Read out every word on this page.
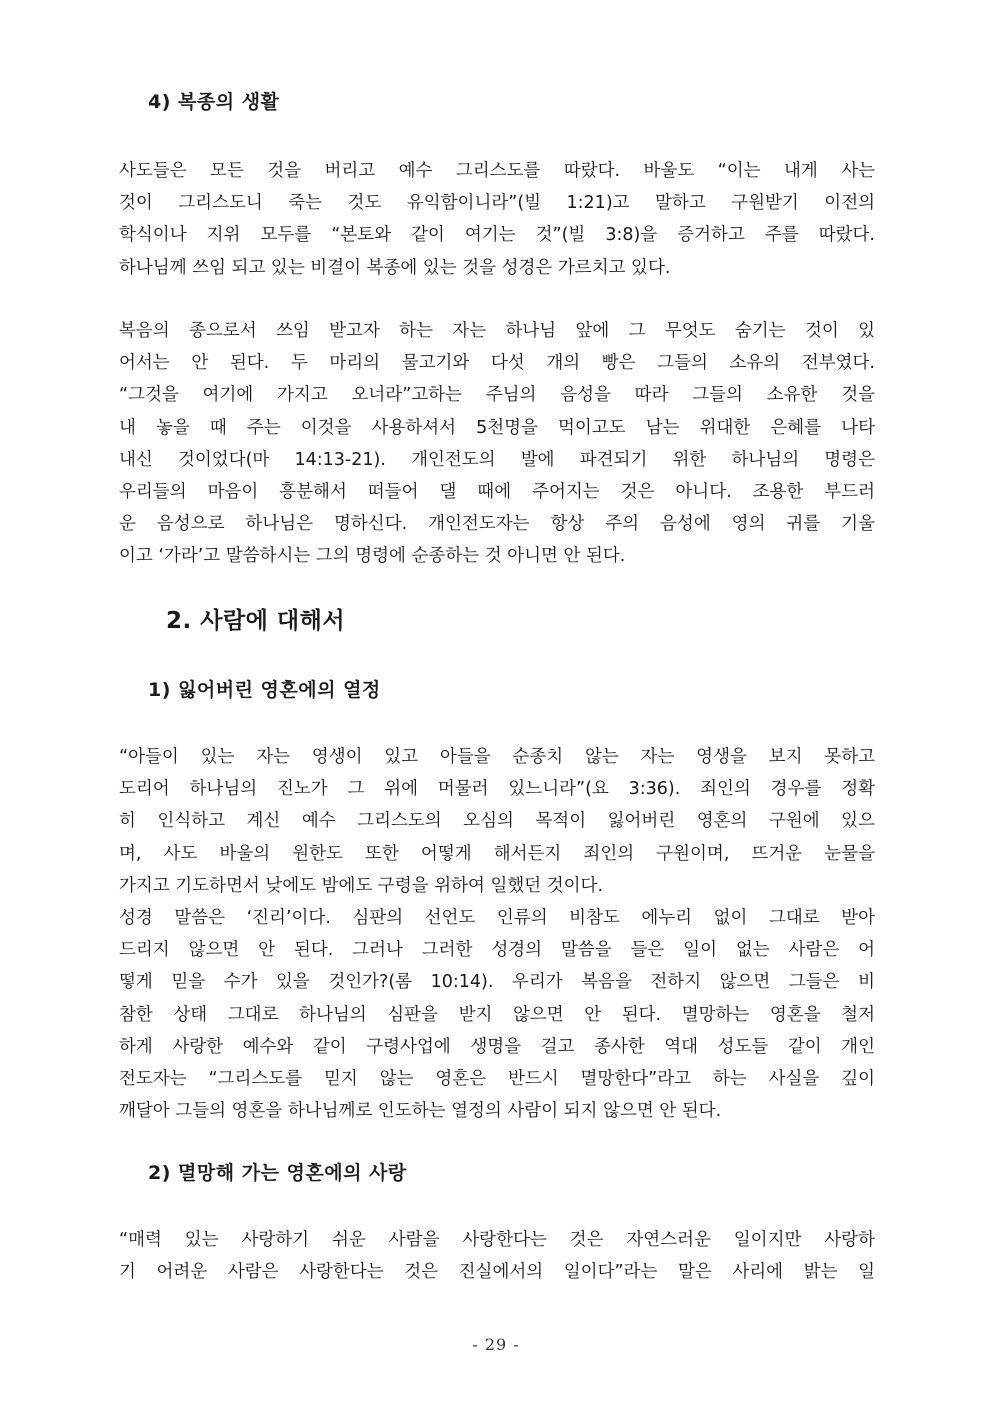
4) 복종의 생활
사도들은 모든 것을 버리고 예수 그리스도를 따랐다. 바울도 “이는 내게 사는
것이 그리스도니 죽는 것도 유익함이니라”(빌 1:21)고 말하고 구원받기 이전의
학식이나 지위 모두를 “본토와 같이 여기는 것”(빌 3:8)을 증거하고 주를 따랐다.
하나님께 쓰임 되고 있는 비결이 복종에 있는 것을 성경은 가르치고 있다.
복음의 종으로서 쓰임 받고자 하는 자는 하나님 앞에 그 무엇도 숨기는 것이 있
어서는 안 된다. 두 마리의 물고기와 다섯 개의 빵은 그들의 소유의 전부였다.
“그것을 여기에 가지고 오너라”고하는 주님의 음성을 따라 그들의 소유한 것을
내 놓을 때 주는 이것을 사용하셔서 5천명을 먹이고도 남는 위대한 은혜를 나타
내신 것이었다(마 14:13-21). 개인전도의 발에 파견되기 위한 하나님의 명령은
우리들의 마음이 흥분해서 떠들어 댈 때에 주어지는 것은 아니다. 조용한 부드러
운 음성으로 하나님은 명하신다. 개인전도자는 항상 주의 음성에 영의 귀를 기울
이고 ‘가라’고 말씀하시는 그의 명령에 순종하는 것 아니면 안 된다.
2. 사람에 대해서
1) 잃어버린 영혼에의 열정
“아들이 있는 자는 영생이 있고 아들을 순종치 않는 자는 영생을 보지 못하고
도리어 하나님의 진노가 그 위에 머물러 있느니라”(요 3:36). 죄인의 경우를 정확
히 인식하고 계신 예수 그리스도의 오심의 목적이 잃어버린 영혼의 구원에 있으
며, 사도 바울의 원한도 또한 어떻게 해서든지 죄인의 구원이며, 뜨거운 눈물을
가지고 기도하면서 낮에도 밤에도 구령을 위하여 일했던 것이다.
성경 말씀은 ‘진리’이다. 심판의 선언도 인류의 비참도 에누리 없이 그대로 받아
드리지 않으면 안 된다. 그러나 그러한 성경의 말씀을 들은 일이 없는 사람은 어
떻게 믿을 수가 있을 것인가?(롬 10:14). 우리가 복음을 전하지 않으면 그들은 비
참한 상태 그대로 하나님의 심판을 받지 않으면 안 된다. 멸망하는 영혼을 철저
하게 사랑한 예수와 같이 구령사업에 생명을 걸고 종사한 역대 성도들 같이 개인
전도자는 “그리스도를 믿지 않는 영혼은 반드시 멸망한다”라고 하는 사실을 깊이
깨달아 그들의 영혼을 하나님께로 인도하는 열정의 사람이 되지 않으면 안 된다.
2) 멸망해 가는 영혼에의 사랑
“매력 있는 사랑하기 쉬운 사람을 사랑한다는 것은 자연스러운 일이지만 사랑하
기 어려운 사람은 사랑한다는 것은 진실에서의 일이다”라는 말은 사리에 밝는 일
- 29 -
